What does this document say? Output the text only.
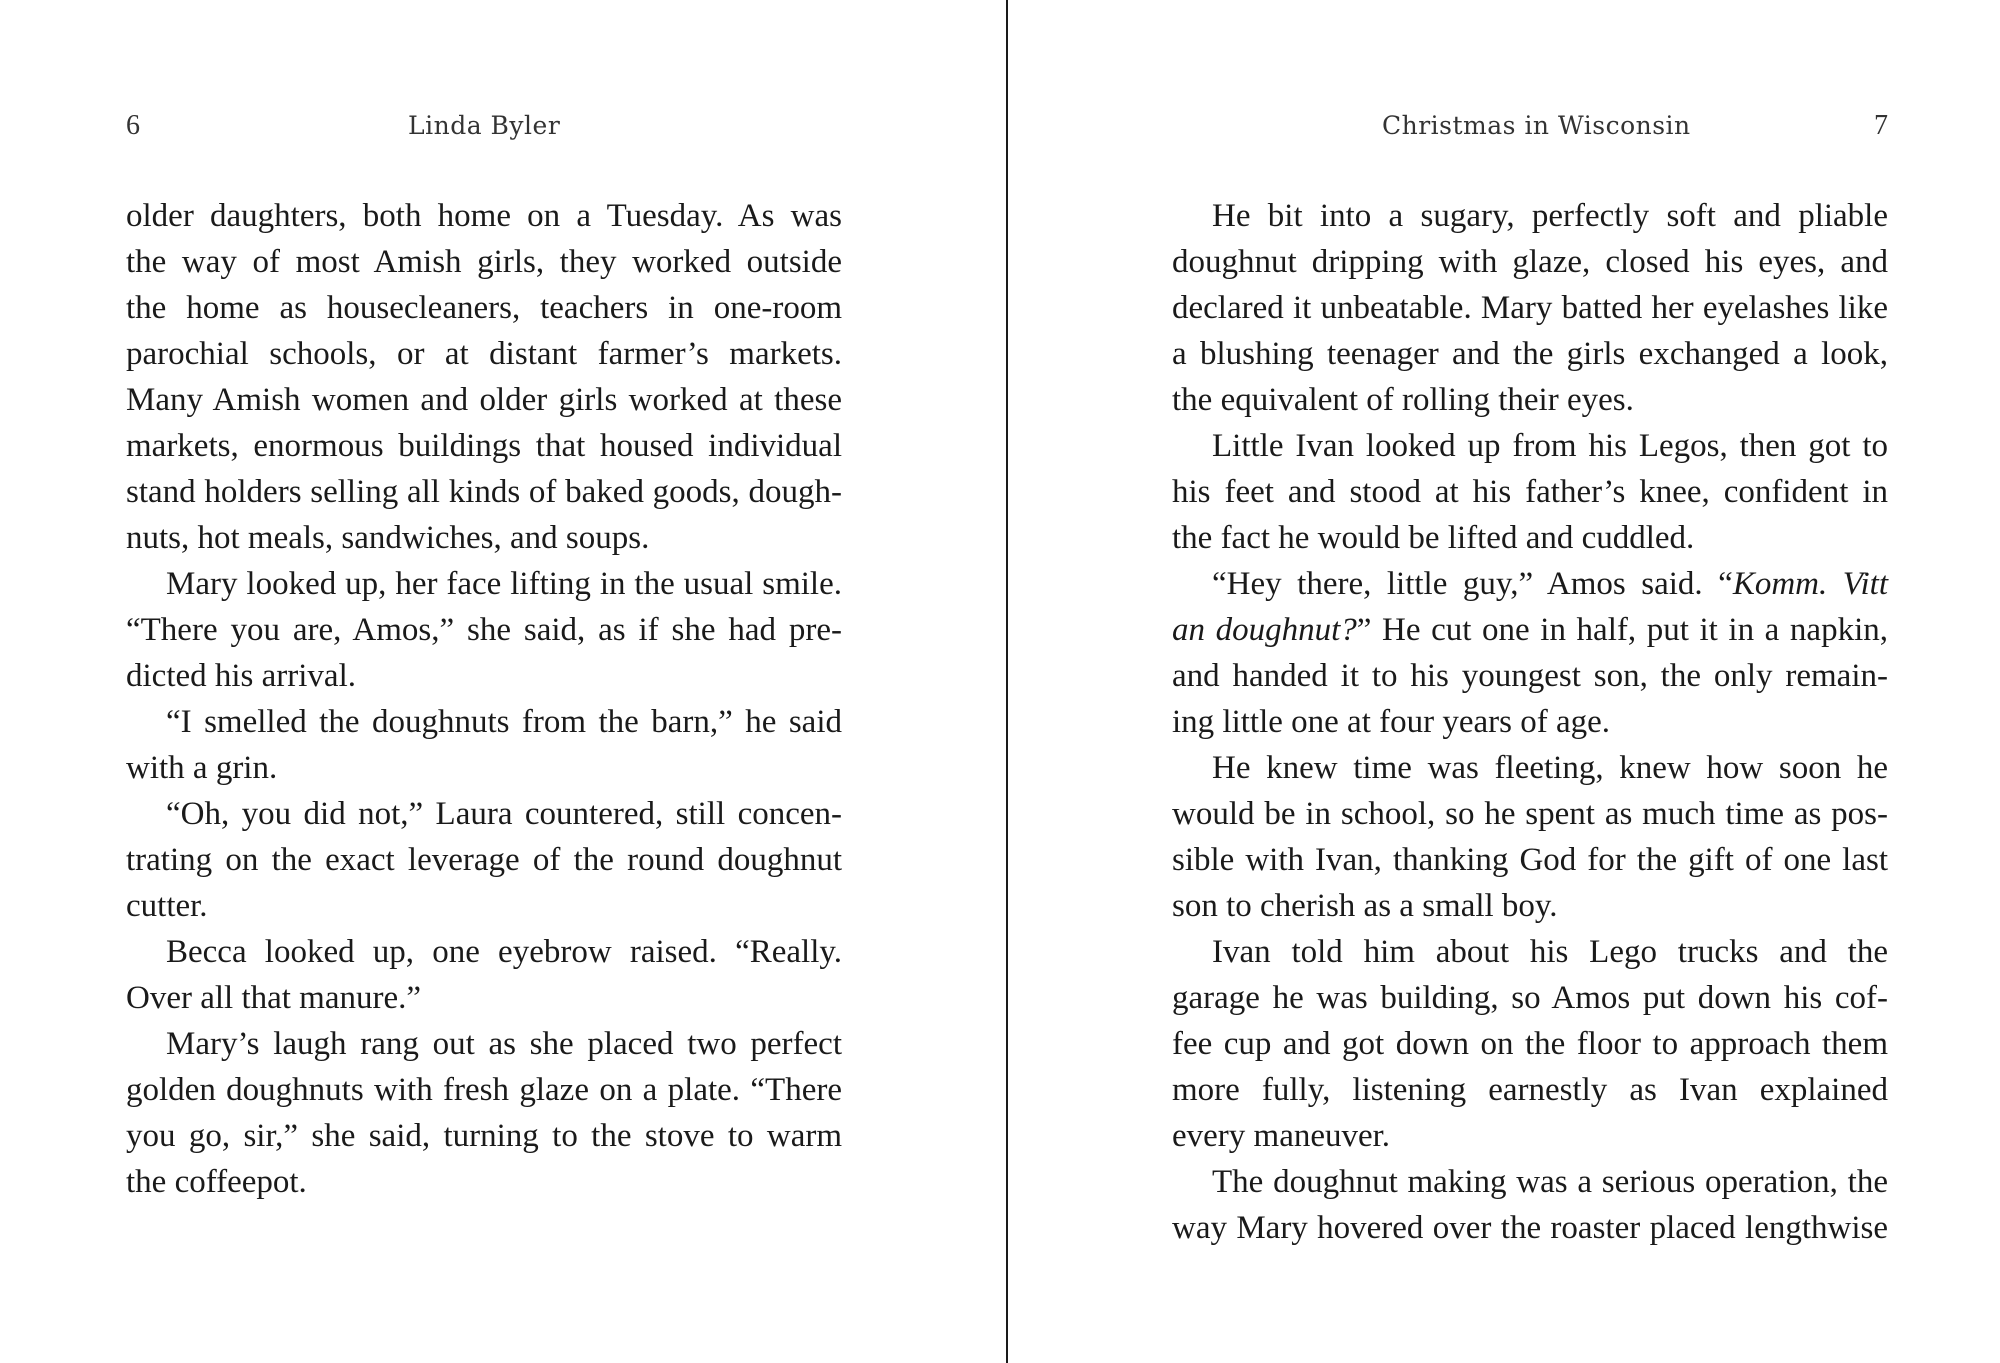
6	Linda Byler
older daughters, both home on a Tuesday. As was
the way of most Amish girls, they worked outside
the home as housecleaners, teachers in one-room
parochial schools, or at distant farmer’s markets.
Many Amish women and older girls worked at these
markets, enormous buildings that housed individual
stand holders selling all kinds of baked goods, dough-
nuts, hot meals, sandwiches, and soups.
Mary looked up, her face lifting in the usual smile.
“There you are, Amos,” she said, as if she had pre-
dicted his arrival.
“I smelled the doughnuts from the barn,” he said
with a grin.
“Oh, you did not,” Laura countered, still concen-
trating on the exact leverage of the round doughnut
cutter.
Becca looked up, one eyebrow raised. “Really.
Over all that manure.”
Mary’s laugh rang out as she placed two perfect
golden doughnuts with fresh glaze on a plate. “There
you go, sir,” she said, turning to the stove to warm
the coffeepot.
Christmas in Wisconsin	7
He bit into a sugary, perfectly soft and pliable
doughnut dripping with glaze, closed his eyes, and
declared it unbeatable. Mary batted her eyelashes like
a blushing teenager and the girls exchanged a look,
the equivalent of rolling their eyes.
Little Ivan looked up from his Legos, then got to
his feet and stood at his father’s knee, confident in
the fact he would be lifted and cuddled.
“Hey there, little guy,” Amos said. “Komm. Vitt
an doughnut?” He cut one in half, put it in a napkin,
and handed it to his youngest son, the only remain-
ing little one at four years of age.
He knew time was fleeting, knew how soon he
would be in school, so he spent as much time as pos-
sible with Ivan, thanking God for the gift of one last
son to cherish as a small boy.
Ivan told him about his Lego trucks and the
garage he was building, so Amos put down his cof-
fee cup and got down on the floor to approach them
more fully, listening earnestly as Ivan explained
every maneuver.
The doughnut making was a serious operation, the
way Mary hovered over the roaster placed lengthwise
